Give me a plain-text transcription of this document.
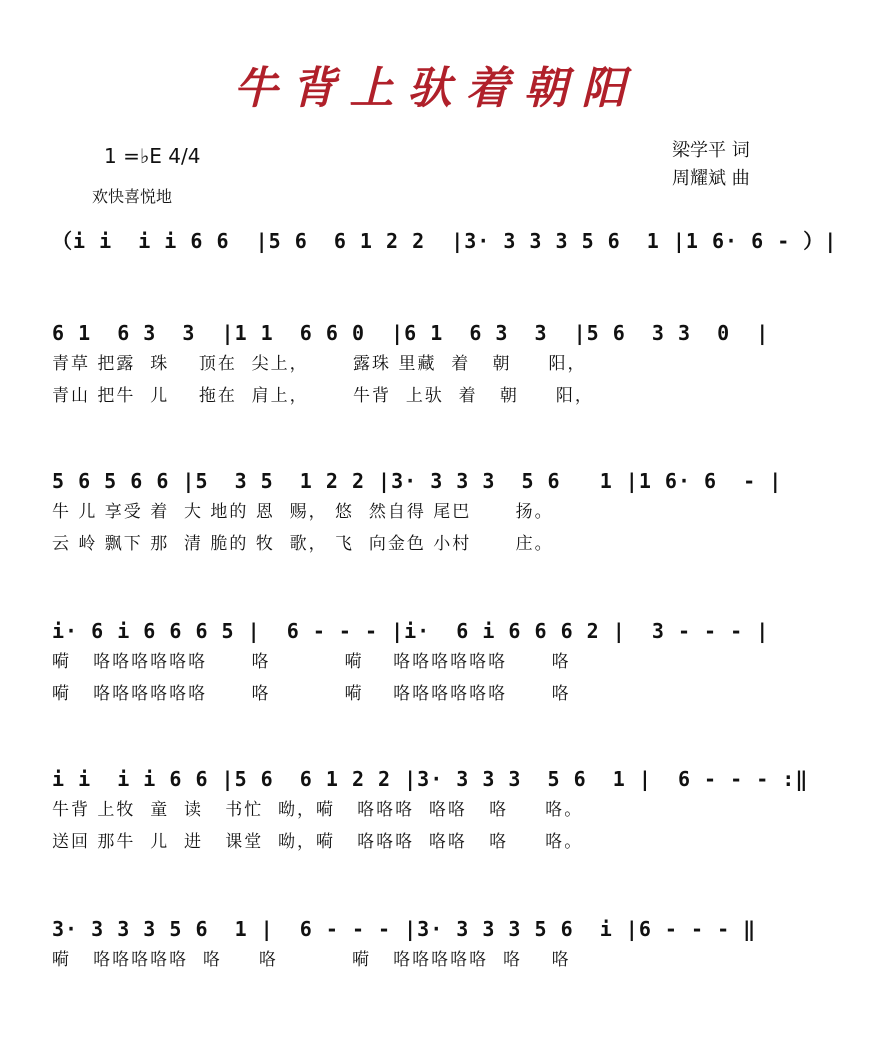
牛背上驮着朝阳
1 =♭E 4/4
欢快喜悦地
梁学平 词
周耀斌 曲
（i i  i i 6 6  |5 6  6 1 2 2  |3· 3 3 3 5 6  1 |1 6· 6 - ）|
6 1  6 3  3  |1 1  6 6 0  |6 1  6 3  3  |5 6  3 3  0  |
青草 把露  珠    顶在  尖上，      露珠 里藏  着   朝     阳，
青山 把牛  儿    拖在  肩上，      牛背  上驮  着   朝     阳，
5 6 5 6 6 |5  3 5  1 2 2 |3· 3 3 3  5 6   1 |1 6· 6  - |
牛 儿 享受 着  大 地的 恩  赐， 悠  然自得 尾巴      扬。
云 岭 飘下 那  清 脆的 牧  歌， 飞  向金色 小村      庄。
i· 6 i 6 6 6 5 |  6 - - - |i·  6 i 6 6 6 2 |  3 - - - |
嗬   咯咯咯咯咯咯      咯          嗬    咯咯咯咯咯咯      咯
嗬   咯咯咯咯咯咯      咯          嗬    咯咯咯咯咯咯      咯
i i  i i 6 6 |5 6  6 1 2 2 |3· 3 3 3  5 6  1 |  6 - - - :‖
牛背 上牧  童  读   书忙  呦，嗬   咯咯咯  咯咯   咯     咯。
送回 那牛  儿  进   课堂  呦，嗬   咯咯咯  咯咯   咯     咯。
3· 3 3 3 5 6  1 |  6 - - - |3· 3 3 3 5 6  i |6 - - - ‖
嗬   咯咯咯咯咯  咯     咯          嗬   咯咯咯咯咯  咯    咯
